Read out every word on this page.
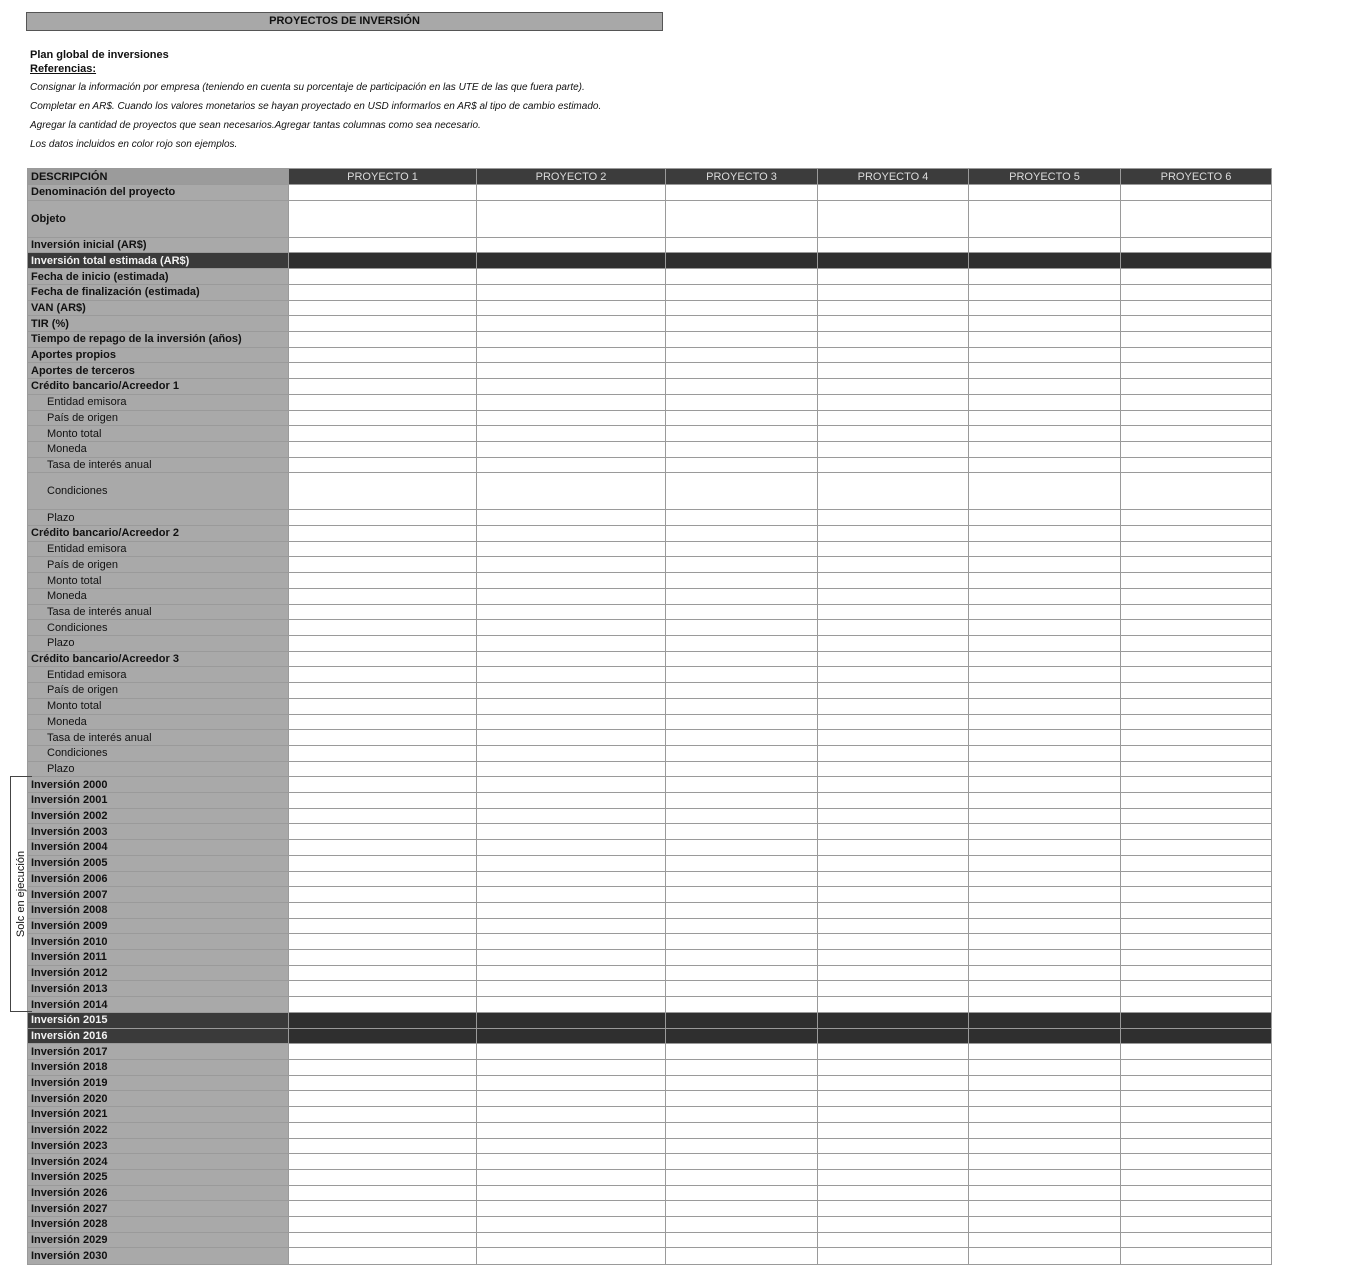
PROYECTOS DE INVERSIÓN

Plan global de inversiones

Referencias:

Consignar la información por empresa (teniendo en cuenta su porcentaje de participación en las UTE de las que fuera parte).

Completar en AR$. Cuando los valores monetarios se hayan proyectado en USD informarlos en AR$ al tipo de cambio estimado.

Agregar la cantidad de proyectos que sean necesarios.Agregar tantas columnas como sea necesario.

Los datos incluidos en color rojo son ejemplos.

DESCRIPCIÓN	PROYECTO 1	PROYECTO 2	PROYECTO 3	PROYECTO 4	PROYECTO 5	PROYECTO 6
Denominación del proyecto						
Objeto						
Inversión inicial (AR$)						
Inversión total estimada (AR$)						
Fecha de inicio (estimada)						
Fecha de finalización (estimada)						
VAN (AR$)						
TIR (%)						
Tiempo de repago de la inversión (años)						
Aportes propios						
Aportes de terceros						
Crédito bancario/Acreedor 1						
Entidad emisora						
País de origen						
Monto total						
Moneda						
Tasa de interés anual						
Condiciones						
Plazo						
Crédito bancario/Acreedor 2						
Entidad emisora						
País de origen						
Monto total						
Moneda						
Tasa de interés anual						
Condiciones						
Plazo						
Crédito bancario/Acreedor 3						
Entidad emisora						
País de origen						
Monto total						
Moneda						
Tasa de interés anual						
Condiciones						
Plazo						
Inversión 2000						
Inversión 2001						
Inversión 2002						
Inversión 2003						
Inversión 2004						
Inversión 2005						
Inversión 2006						
Inversión 2007						
Inversión 2008						
Inversión 2009						
Inversión 2010						
Inversión 2011						
Inversión 2012						
Inversión 2013						
Inversión 2014						
Inversión 2015						
Inversión 2016						
Inversión 2017						
Inversión 2018						
Inversión 2019						
Inversión 2020						
Inversión 2021						
Inversión 2022						
Inversión 2023						
Inversión 2024						
Inversión 2025						
Inversión 2026						
Inversión 2027						
Inversión 2028						
Inversión 2029						
Inversión 2030						
Solc en ejecución
